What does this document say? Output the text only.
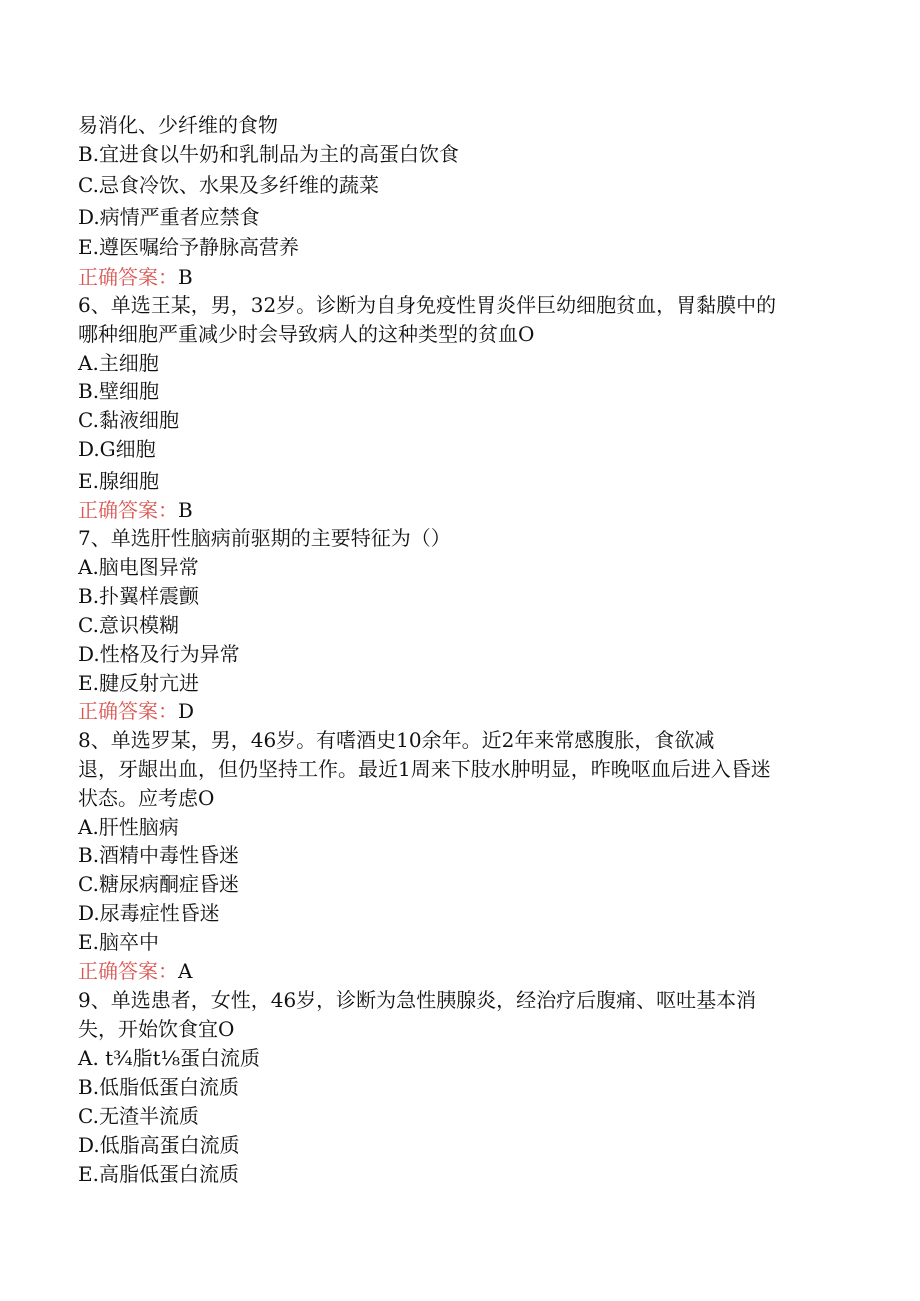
易消化、少纤维的食物
B.宜进食以牛奶和乳制品为主的高蛋白饮食
C.忌食冷饮、水果及多纤维的蔬菜
D.病情严重者应禁食
E.遵医嘱给予静脉高营养
正确答案：B
6、单选王某，男，32岁。诊断为自身免疫性胃炎伴巨幼细胞贫血，胃黏膜中的
哪种细胞严重减少时会导致病人的这种类型的贫血O
A.主细胞
B.壁细胞
C.黏液细胞
D.G细胞
E.腺细胞
正确答案：B
7、单选肝性脑病前驱期的主要特征为（）
A.脑电图异常
B.扑翼样震颤
C.意识模糊
D.性格及行为异常
E.腱反射亢进
正确答案：D
8、单选罗某，男，46岁。有嗜酒史10余年。近2年来常感腹胀，食欲减
退，牙龈出血，但仍坚持工作。最近1周来下肢水肿明显，昨晚呕血后进入昏迷
状态。应考虑O
A.肝性脑病
B.酒精中毒性昏迷
C.糖尿病酮症昏迷
D.尿毒症性昏迷
E.脑卒中
正确答案：A
9、单选患者，女性，46岁，诊断为急性胰腺炎，经治疗后腹痛、呕吐基本消
失，开始饮食宜O
A. t¾脂t⅛蛋白流质
B.低脂低蛋白流质
C.无渣半流质
D.低脂高蛋白流质
E.高脂低蛋白流质
